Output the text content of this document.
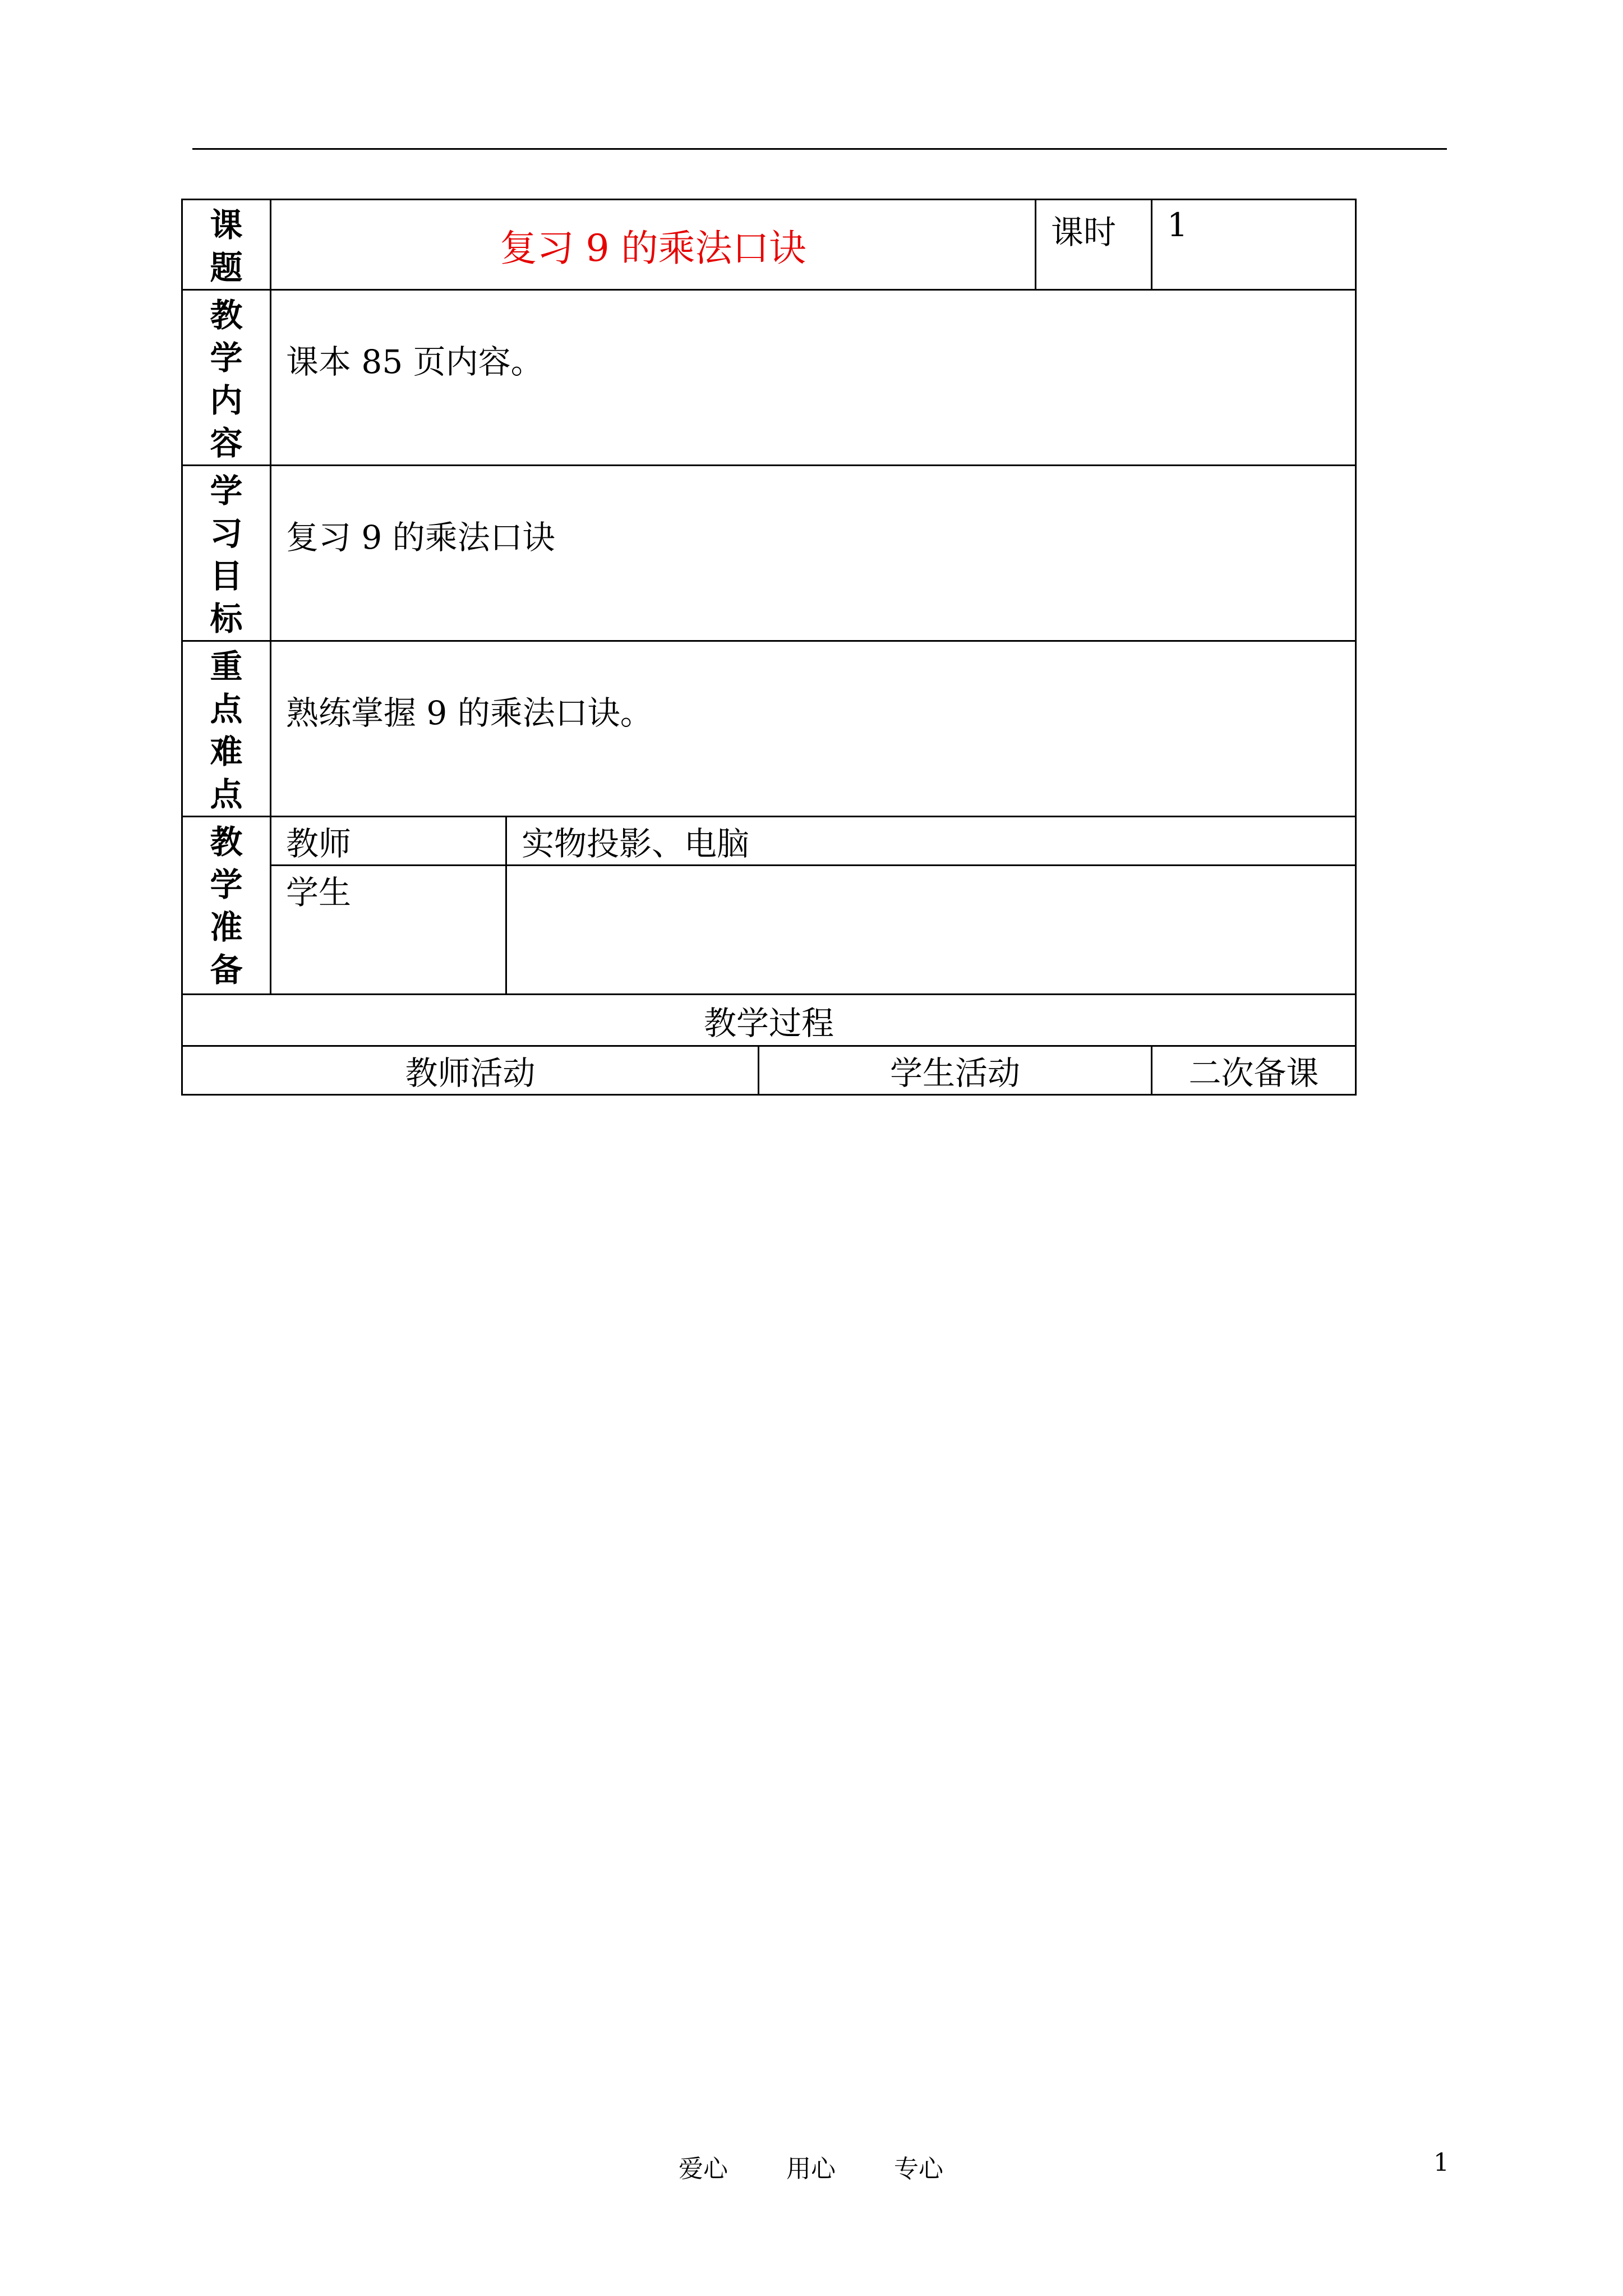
课
题	复习 9 的乘法口诀			课时	1

教
学
内
容	课本 85 页内容。				

学
习
目
标	复习 9 的乘法口诀				

重
点
难
点	熟练掌握 9 的乘法口诀。				

教
学
准
备	教师	实物投影、电脑			
	学生				
教学过程					
教师活动			学生活动		二次备课
爱心 用心 专心	1
